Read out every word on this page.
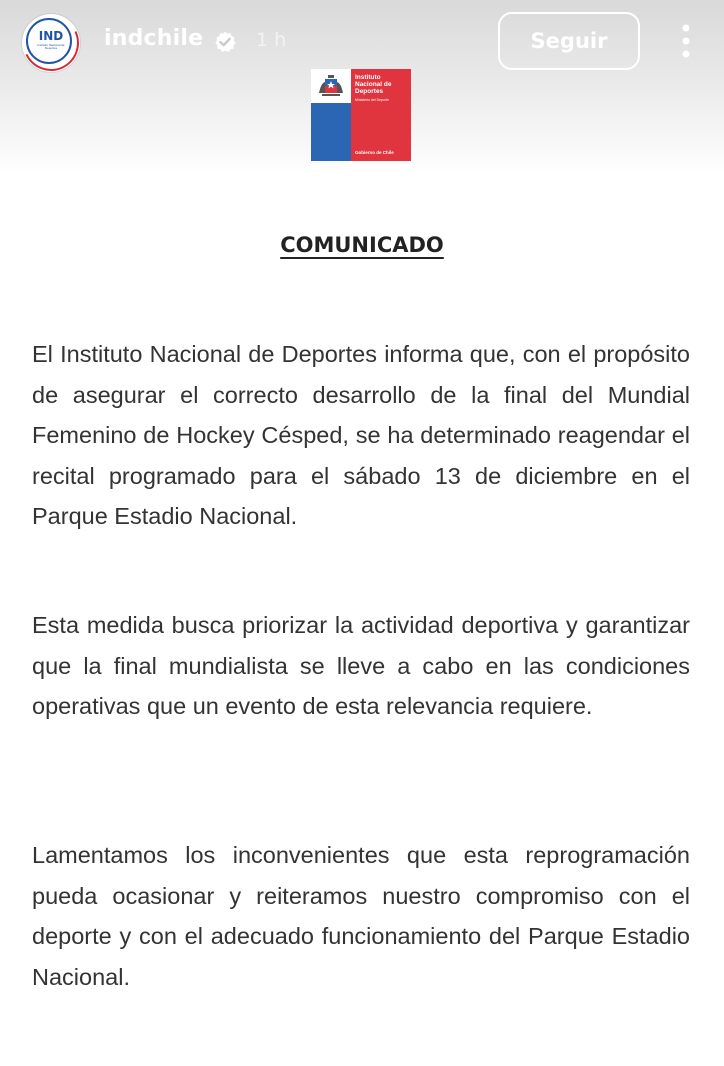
IND
Instituto Nacional de Deportes	indchile	1 h	Seguir
Instituto
Nacional de
Deportes
Ministerio del Deporte
Gobierno de Chile
COMUNICADO

El Instituto Nacional de Deportes informa que, con el propósito de asegurar el correcto desarrollo de la final del Mundial Femenino de Hockey Césped, se ha determinado reagendar el recital programado para el sábado 13 de diciembre en el Parque Estadio Nacional.

Esta medida busca priorizar la actividad deportiva y garantizar que la final mundialista se lleve a cabo en las condiciones operativas que un evento de esta relevancia requiere.

Lamentamos los inconvenientes que esta reprogramación pueda ocasionar y reiteramos nuestro compromiso con el deporte y con el adecuado funcionamiento del Parque Estadio Nacional.
